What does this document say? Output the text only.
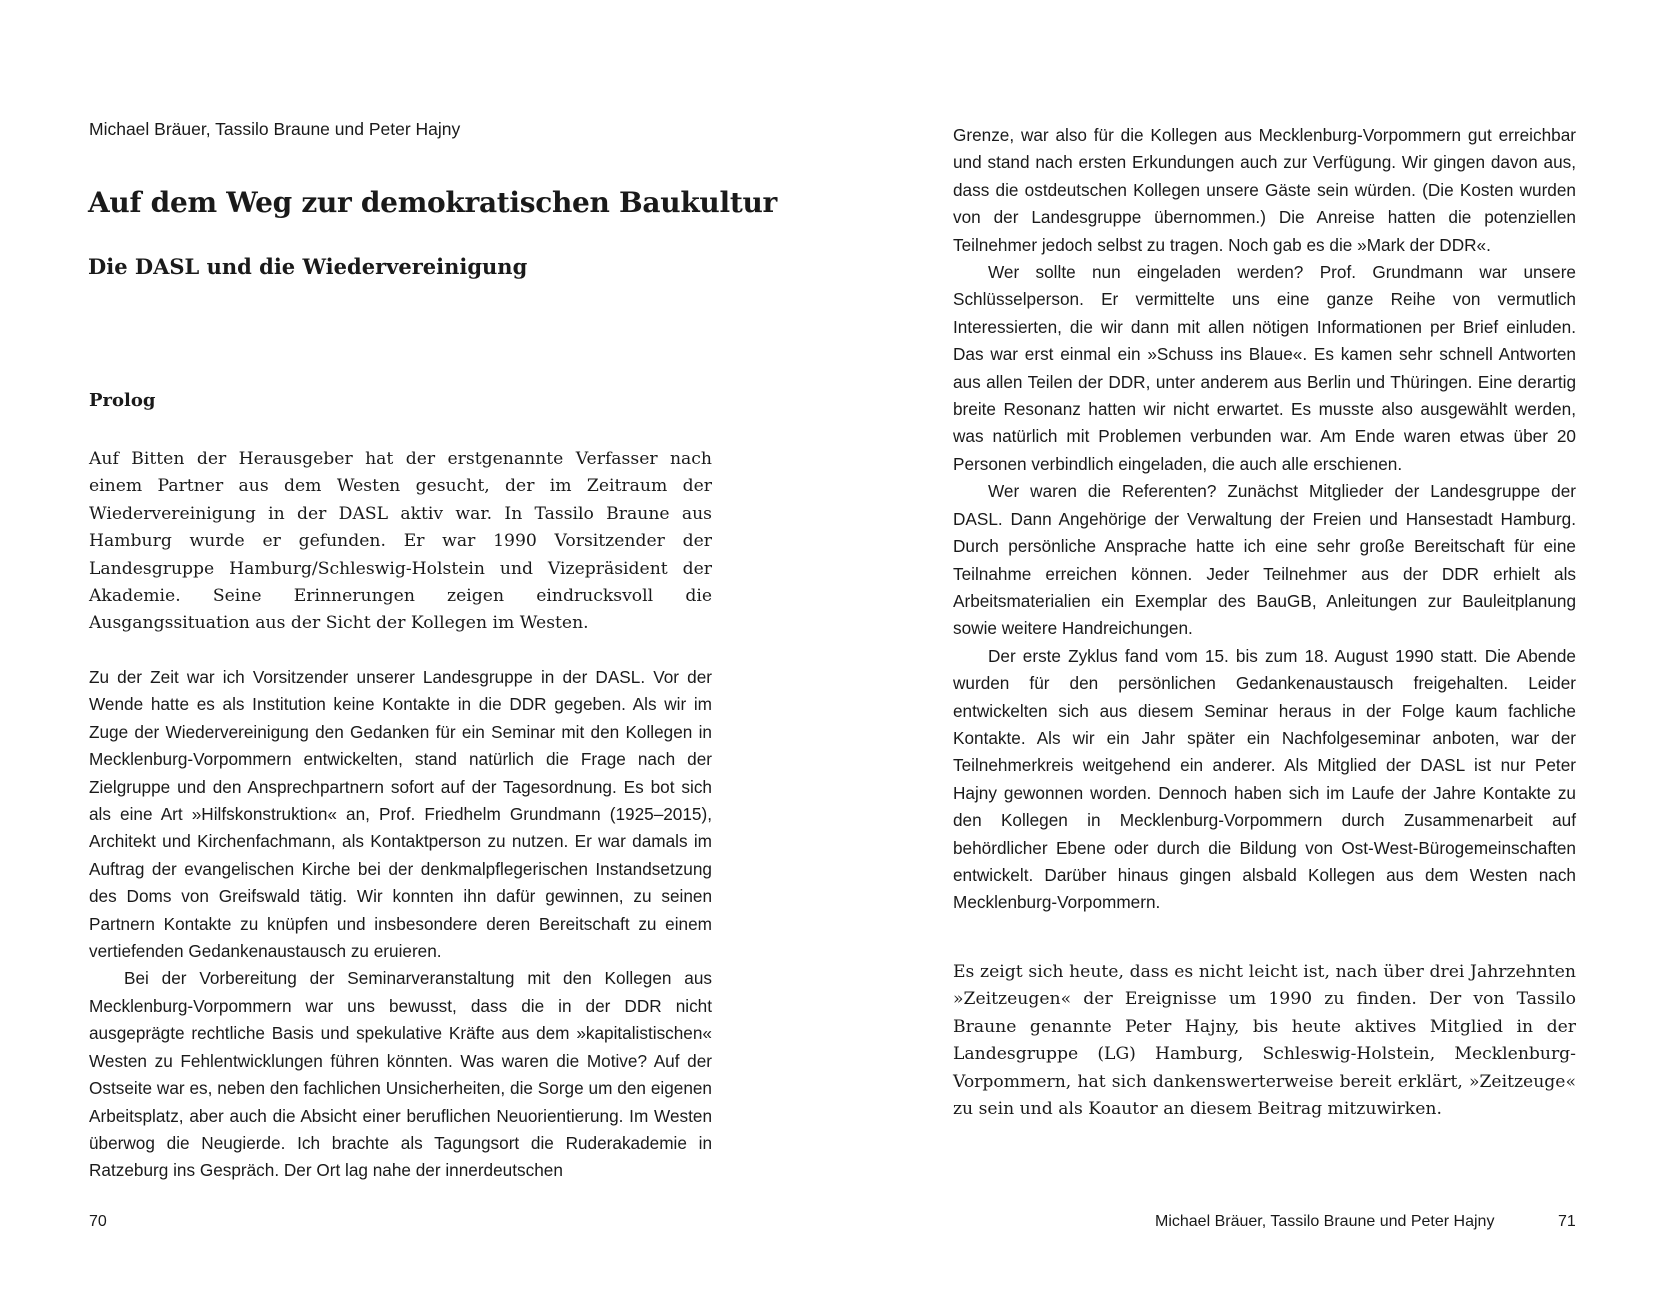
Michael Bräuer, Tassilo Braune und Peter Hajny
Auf dem Weg zur demokratischen Baukultur
Die DASL und die Wiedervereinigung
Prolog

Auf Bitten der Herausgeber hat der erstgenannte Verfasser nach einem Partner aus dem Westen gesucht, der im Zeitraum der Wiedervereinigung in der DASL aktiv war. In Tassilo Braune aus Hamburg wurde er gefunden. Er war 1990 Vorsitzender der Landesgruppe Hamburg/Schleswig-Holstein und Vizepräsident der Akademie. Seine Erinnerungen zeigen eindrucksvoll die Ausgangssituation aus der Sicht der Kollegen im Westen.

Zu der Zeit war ich Vorsitzender unserer Landesgruppe in der DASL. Vor der Wende hatte es als Institution keine Kontakte in die DDR gegeben. Als wir im Zuge der Wiedervereinigung den Gedanken für ein Seminar mit den Kollegen in Mecklenburg-Vorpommern entwickelten, stand natürlich die Frage nach der Zielgruppe und den Ansprechpartnern sofort auf der Tagesordnung. Es bot sich als eine Art »Hilfskonstruktion« an, Prof. Friedhelm Grundmann (1925–2015), Architekt und Kirchenfachmann, als Kontaktperson zu nutzen. Er war damals im Auftrag der evangelischen Kirche bei der denkmalpflegerischen Instandsetzung des Doms von Greifswald tätig. Wir konnten ihn dafür gewinnen, zu seinen Partnern Kontakte zu knüpfen und insbesondere deren Bereitschaft zu einem vertiefenden Gedankenaustausch zu eruieren.

Bei der Vorbereitung der Seminarveranstaltung mit den Kollegen aus Mecklenburg-Vorpommern war uns bewusst, dass die in der DDR nicht ausgeprägte rechtliche Basis und spekulative Kräfte aus dem »kapitalistischen« Westen zu Fehlentwicklungen führen könnten. Was waren die Motive? Auf der Ostseite war es, neben den fachlichen Unsicherheiten, die Sorge um den eigenen Arbeitsplatz, aber auch die Absicht einer beruflichen Neuorientierung. Im Westen überwog die Neugierde. Ich brachte als Tagungsort die Ruderakademie in Ratzeburg ins Gespräch. Der Ort lag nahe der innerdeutschen

70

Grenze, war also für die Kollegen aus Mecklenburg-Vorpommern gut erreichbar und stand nach ersten Erkundungen auch zur Verfügung. Wir gingen davon aus, dass die ostdeutschen Kollegen unsere Gäste sein würden. (Die Kosten wurden von der Landesgruppe übernommen.) Die Anreise hatten die potenziellen Teilnehmer jedoch selbst zu tragen. Noch gab es die »Mark der DDR«.

Wer sollte nun eingeladen werden? Prof. Grundmann war unsere Schlüsselperson. Er vermittelte uns eine ganze Reihe von vermutlich Interessierten, die wir dann mit allen nötigen Informationen per Brief einluden. Das war erst einmal ein »Schuss ins Blaue«. Es kamen sehr schnell Antworten aus allen Teilen der DDR, unter anderem aus Berlin und Thüringen. Eine derartig breite Resonanz hatten wir nicht erwartet. Es musste also ausgewählt werden, was natürlich mit Problemen verbunden war. Am Ende waren etwas über 20 Personen verbindlich eingeladen, die auch alle erschienen.

Wer waren die Referenten? Zunächst Mitglieder der Landesgruppe der DASL. Dann Angehörige der Verwaltung der Freien und Hansestadt Hamburg. Durch persönliche Ansprache hatte ich eine sehr große Bereitschaft für eine Teilnahme erreichen können. Jeder Teilnehmer aus der DDR erhielt als Arbeitsmaterialien ein Exemplar des BauGB, Anleitungen zur Bauleitplanung sowie weitere Handreichungen.

Der erste Zyklus fand vom 15. bis zum 18. August 1990 statt. Die Abende wurden für den persönlichen Gedankenaustausch freigehalten. Leider entwickelten sich aus diesem Seminar heraus in der Folge kaum fachliche Kontakte. Als wir ein Jahr später ein Nachfolgeseminar anboten, war der Teilnehmerkreis weitgehend ein anderer. Als Mitglied der DASL ist nur Peter Hajny gewonnen worden. Dennoch haben sich im Laufe der Jahre Kontakte zu den Kollegen in Mecklenburg-Vorpommern durch Zusammenarbeit auf behördlicher Ebene oder durch die Bildung von Ost-West-Bürogemeinschaften entwickelt. Darüber hinaus gingen alsbald Kollegen aus dem Westen nach Mecklenburg-Vorpommern.

Es zeigt sich heute, dass es nicht leicht ist, nach über drei Jahrzehnten »Zeitzeugen« der Ereignisse um 1990 zu finden. Der von Tassilo Braune genannte Peter Hajny, bis heute aktives Mitglied in der Landesgruppe (LG) Hamburg, Schleswig-Holstein, Mecklenburg-Vorpommern, hat sich dankenswerterweise bereit erklärt, »Zeitzeuge« zu sein und als Koautor an diesem Beitrag mitzuwirken.

Michael Bräuer, Tassilo Braune und Peter Hajny	71
